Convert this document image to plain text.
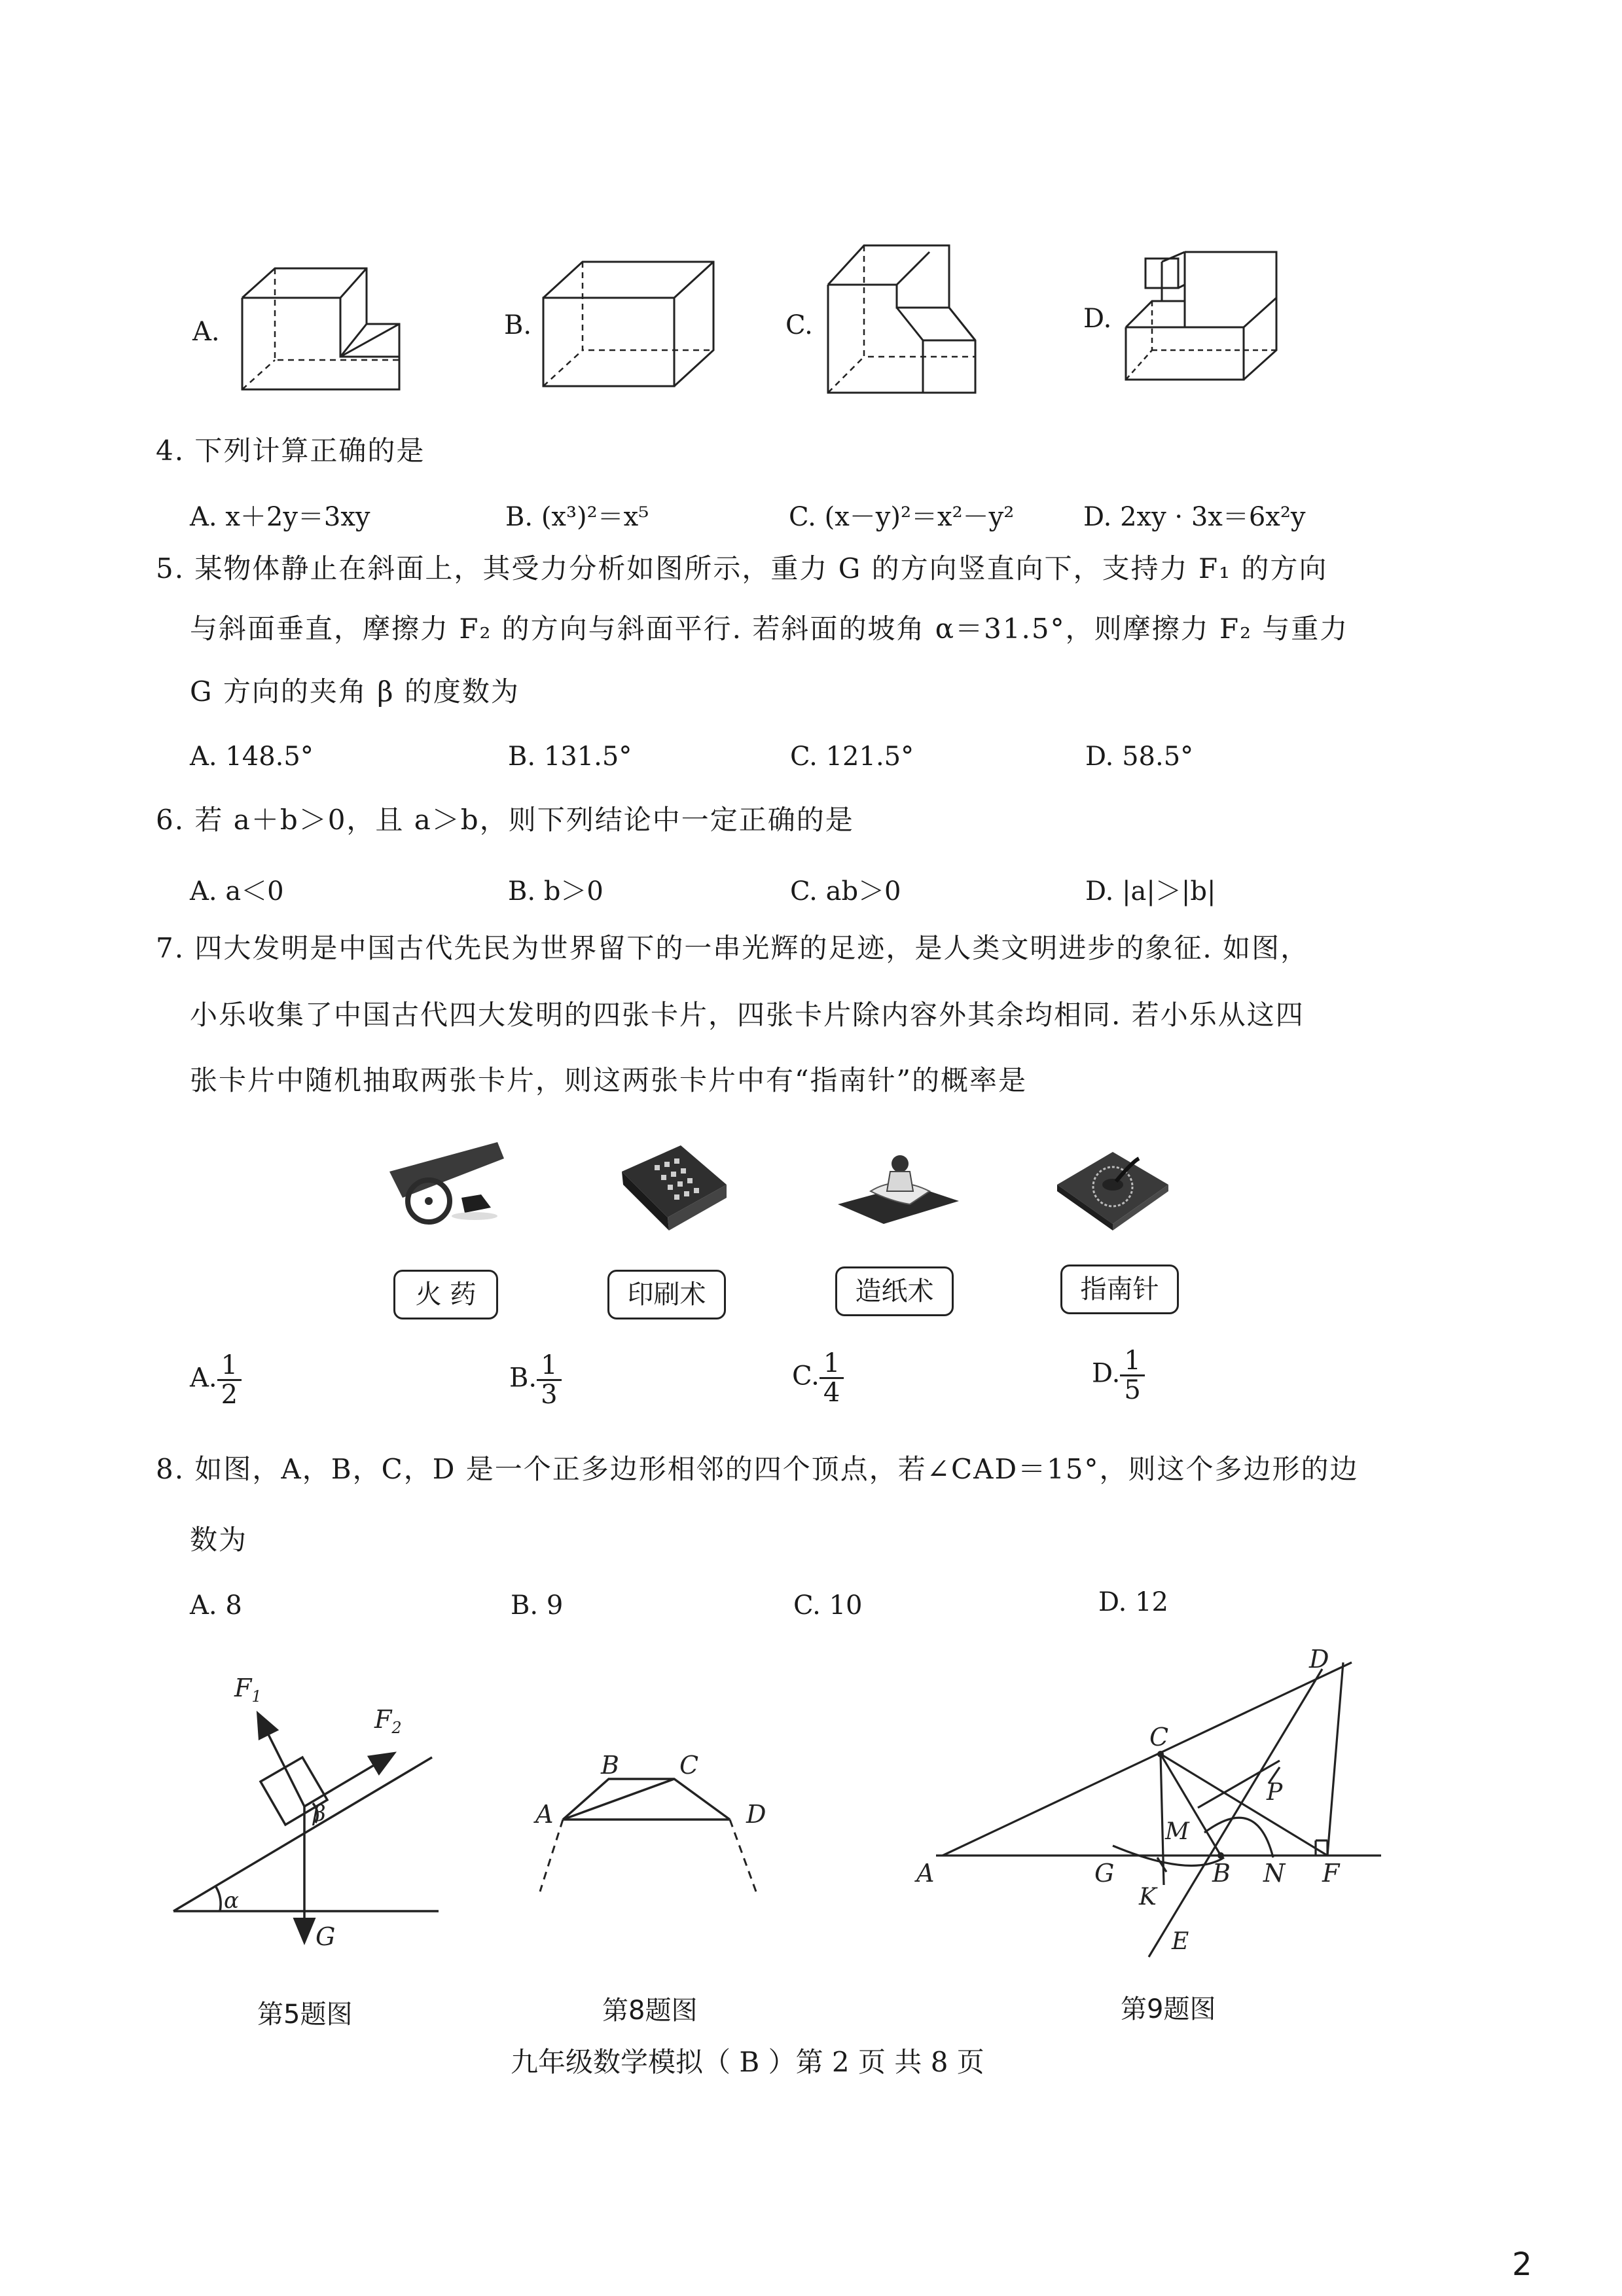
A.	B.	C.	D.
4. 下列计算正确的是
A. x＋2y＝3xy	B. (x³)²＝x⁵	C. (x－y)²＝x²－y²	D. 2xy · 3x＝6x²y
5. 某物体静止在斜面上，其受力分析如图所示，重力 G 的方向竖直向下，支持力 F₁ 的方向
与斜面垂直，摩擦力 F₂ 的方向与斜面平行. 若斜面的坡角 α＝31.5°，则摩擦力 F₂ 与重力
G 方向的夹角 β 的度数为
A. 148.5°	B. 131.5°	C. 121.5°	D. 58.5°
6. 若 a＋b＞0，且 a＞b，则下列结论中一定正确的是
A. a＜0	B. b＞0	C. ab＞0	D. |a|＞|b|
7. 四大发明是中国古代先民为世界留下的一串光辉的足迹，是人类文明进步的象征. 如图，
小乐收集了中国古代四大发明的四张卡片，四张卡片除内容外其余均相同. 若小乐从这四
张卡片中随机抽取两张卡片，则这两张卡片中有“指南针”的概率是
火 药	印刷术	造纸术	指南针
A. $\frac{1}{2}$	B. $\frac{1}{3}$	C. $\frac{1}{4}$	D. $\frac{1}{5}$
8. 如图，A，B，C，D 是一个正多边形相邻的四个顶点，若∠CAD＝15°，则这个多边形的边
数为
A. 8	B. 9	C. 10	D. 12
$F_1$
$F_2$
β
α
G
第5题图
B C
A	D
第8题图
C
D
A	G	B N F
M
P
K
E
第9题图
九年级数学模拟（ B ）第 2 页 共 8 页
2
